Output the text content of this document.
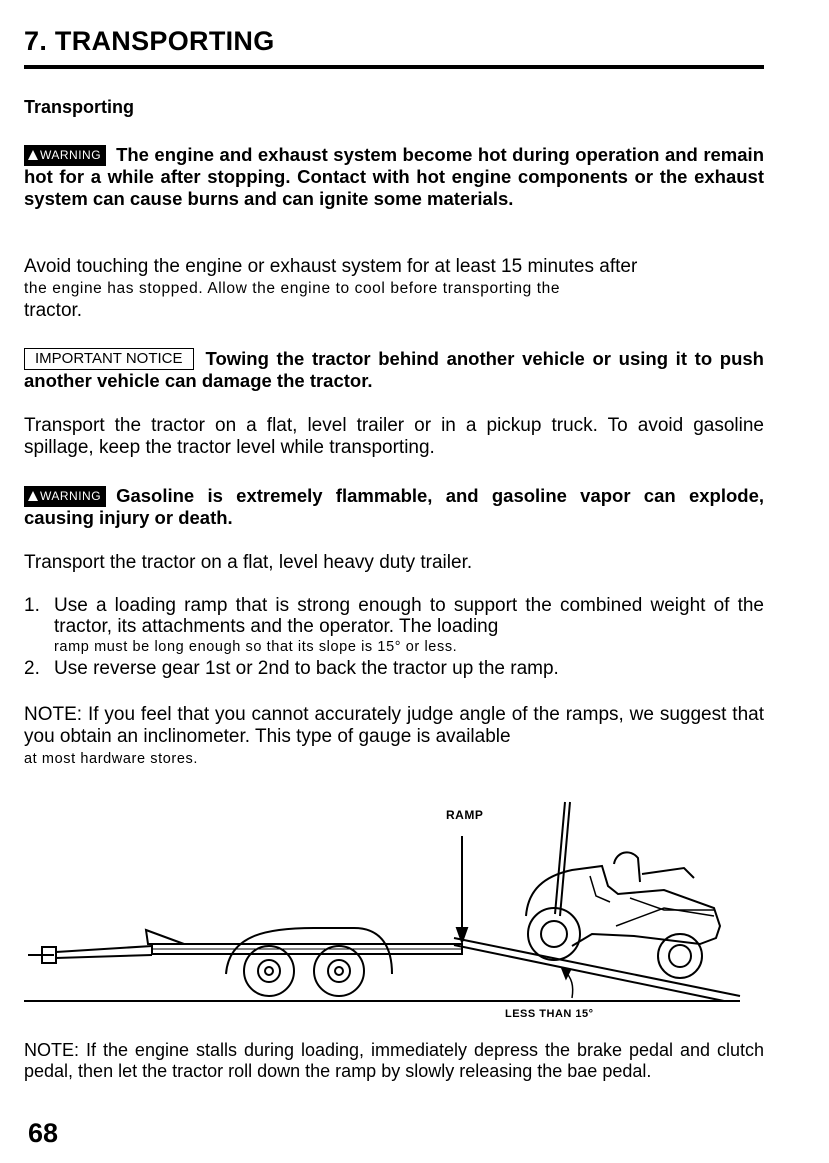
7. TRANSPORTING
Transporting
WARNING The engine and exhaust system become hot during operation and remain hot for a while after stopping. Contact with hot engine components or the exhaust system can cause burns and can ignite some materials.
Avoid touching the engine or exhaust system for at least 15 minutes after
the engine has stopped. Allow the engine to cool before transporting the
tractor.
IMPORTANT NOTICE Towing the tractor behind another vehicle or using it to push another vehicle can damage the tractor.
Transport the tractor on a flat, level trailer or in a pickup truck. To avoid gasoline spillage, keep the tractor level while transporting.
WARNING Gasoline is extremely flammable, and gasoline vapor can explode, causing injury or death.
Transport the tractor on a flat, level heavy duty trailer.
1. Use a loading ramp that is strong enough to support the combined weight of the tractor, its attachments and the operator. The loading
ramp must be long enough so that its slope is 15° or less.
2. Use reverse gear 1st or 2nd to back the tractor up the ramp.
NOTE: If you feel that you cannot accurately judge angle of the ramps, we suggest that you obtain an inclinometer. This type of gauge is available
at most hardware stores.
RAMP
LESS THAN 15°
NOTE: If the engine stalls during loading, immediately depress the brake pedal and clutch pedal, then let the tractor roll down the ramp by slowly releasing the bae pedal.
68
